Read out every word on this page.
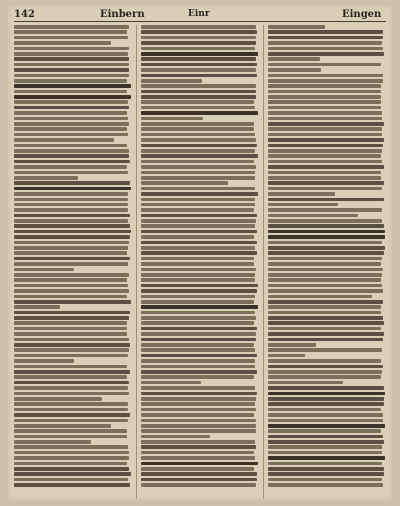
142	Einbern	Einr	Eingen
